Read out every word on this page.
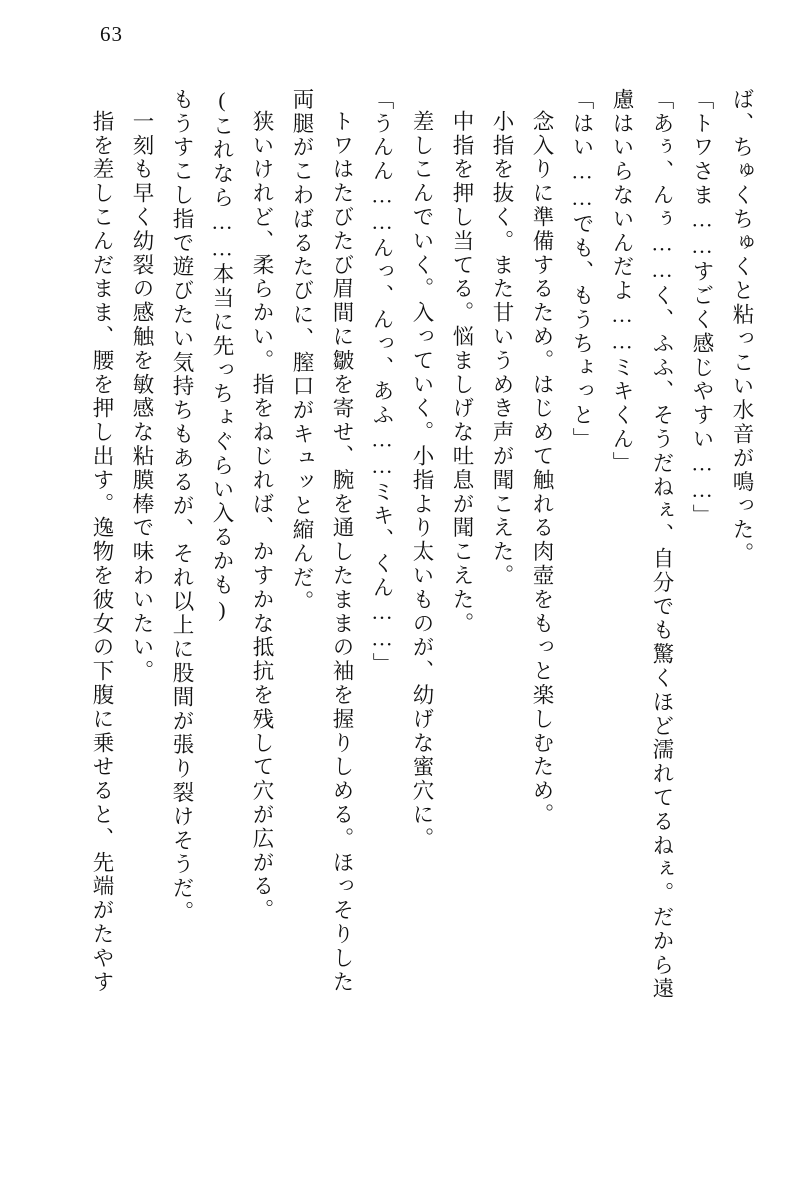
63
ば、ちゅくちゅくと粘っこい水音が鳴った。
「トワさま……すごく感じやすい……」
「あぅ、んぅ……く、ふふ、そうだねぇ、自分でも驚くほど濡れてるねぇ。だから遠
慮はいらないんだよ……ミキくん」
「はい……でも、もうちょっと」
念入りに準備するため。はじめて触れる肉壺をもっと楽しむため。
小指を抜く。また甘いうめき声が聞こえた。
中指を押し当てる。悩ましげな吐息が聞こえた。
差しこんでいく。入っていく。小指より太いものが、幼げな蜜穴に。
「うんん……んっ、んっ、あふ……ミキ、くん……」
トワはたびたび眉間に皺を寄せ、腕を通したままの袖を握りしめる。ほっそりした
両腿がこわばるたびに、膣口がキュッと縮んだ。
狭いけれど、柔らかい。指をねじれば、かすかな抵抗を残して穴が広がる。
(これなら……本当に先っちょぐらい入るかも)
もうすこし指で遊びたい気持ちもあるが、それ以上に股間が張り裂けそうだ。
一刻も早く幼裂の感触を敏感な粘膜棒で味わいたい。
指を差しこんだまま、腰を押し出す。逸物を彼女の下腹に乗せると、先端がたやす
